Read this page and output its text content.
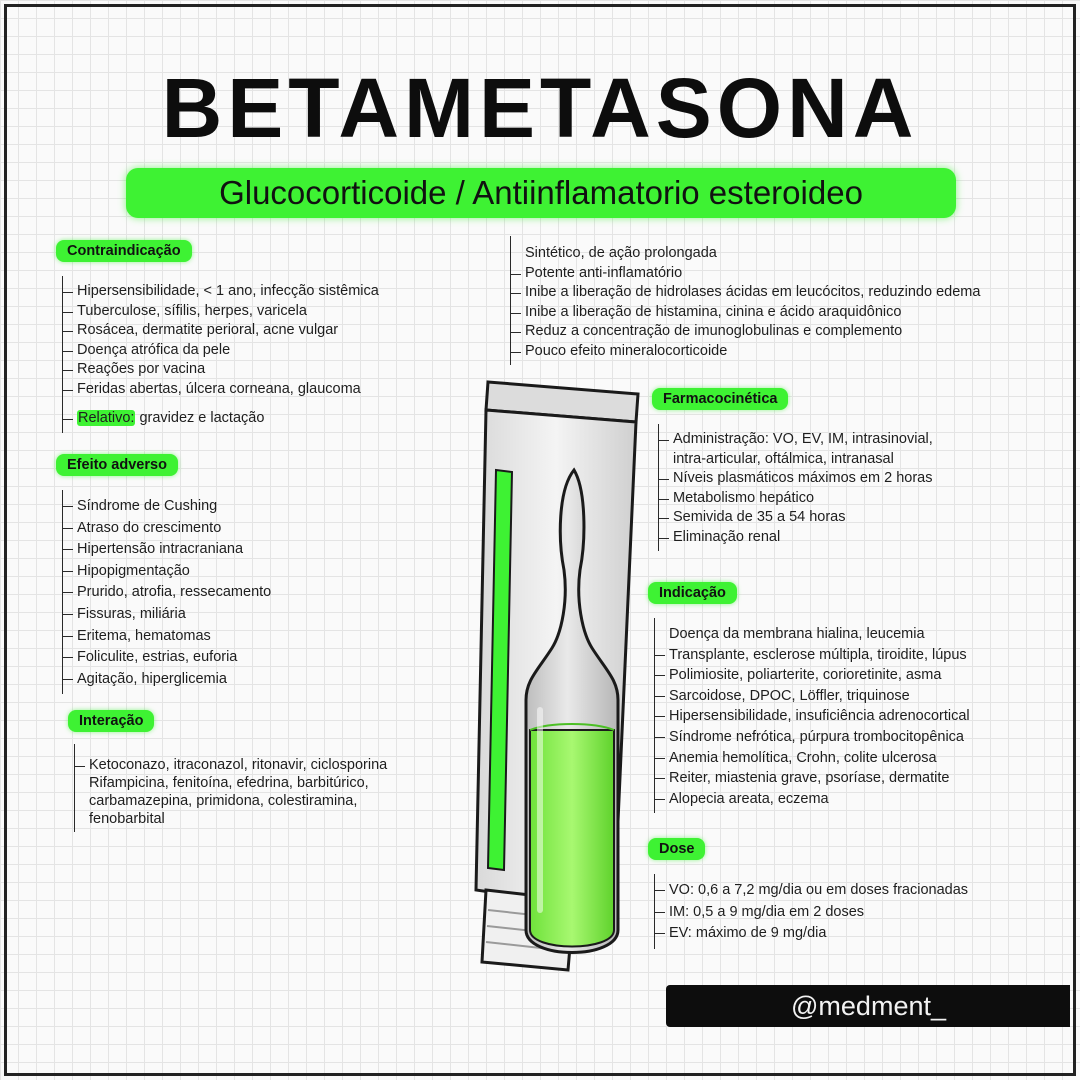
BETAMETASONA
Glucocorticoide / Antiinflamatorio esteroideo
Sintético, de ação prolongada
Potente anti-inflamatório
Inibe a liberação de hidrolases ácidas em leucócitos, reduzindo edema
Inibe a liberação de histamina, cinina e ácido araquidônico
Reduz a concentração de imunoglobulinas e complemento
Pouco efeito mineralocorticoide
Contraindicação
Hipersensibilidade, < 1 ano, infecção sistêmica
Tuberculose, sífilis, herpes, varicela
Rosácea, dermatite perioral, acne vulgar
Doença atrófica da pele
Reações por vacina
Feridas abertas, úlcera corneana, glaucoma
Relativo: gravidez e lactação
Efeito adverso
Síndrome de Cushing
Atraso do crescimento
Hipertensão intracraniana
Hipopigmentação
Prurido, atrofia, ressecamento
Fissuras, miliária
Eritema, hematomas
Foliculite, estrias, euforia
Agitação, hiperglicemia
Interação
Ketoconazo, itraconazol, ritonavir, ciclosporina
Rifampicina, fenitoína, efedrina, barbitúrico,
carbamazepina, primidona, colestiramina,
fenobarbital
Farmacocinética
Administração: VO, EV, IM, intrasinovial,
intra-articular, oftálmica, intranasal
Níveis plasmáticos máximos em 2 horas
Metabolismo hepático
Semivida de 35 a 54 horas
Eliminação renal
Indicação
Doença da membrana hialina, leucemia
Transplante, esclerose múltipla, tiroidite, lúpus
Polimiosite, poliarterite, corioretinite, asma
Sarcoidose, DPOC, Löffler, triquinose
Hipersensibilidade, insuficiência adrenocortical
Síndrome nefrótica, púrpura trombocitopênica
Anemia hemolítica, Crohn, colite ulcerosa
Reiter, miastenia grave, psoríase, dermatite
Alopecia areata, eczema
Dose
VO: 0,6 a 7,2 mg/dia ou em doses fracionadas
IM: 0,5 a 9 mg/dia em 2 doses
EV: máximo de 9 mg/dia
@medment_
